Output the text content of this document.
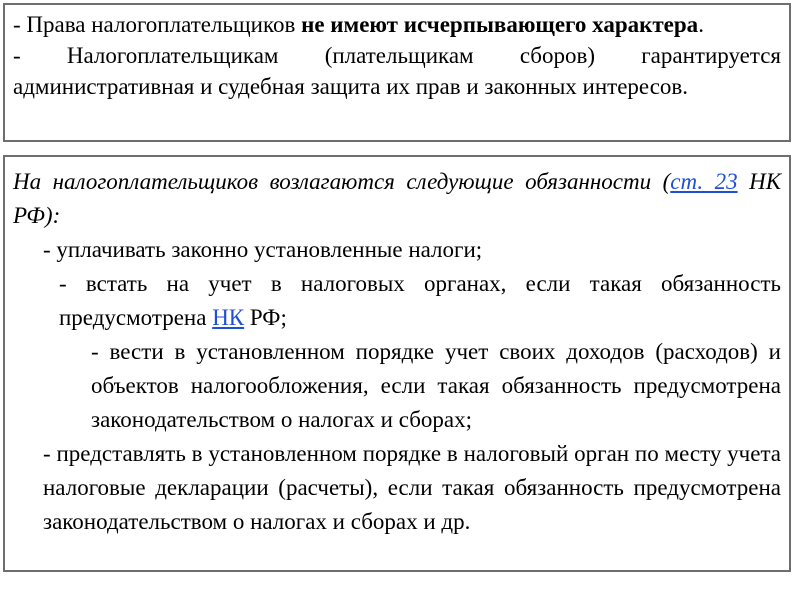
- Права налогоплательщиков не имеют исчерпывающего характера.

- Налогоплательщикам (плательщикам сборов) гарантируется административная и судебная защита их прав и законных интересов.

На налогоплательщиков возлагаются следующие обязанности (ст. 23 НК РФ):

- уплачивать законно установленные налоги;

- встать на учет в налоговых органах, если такая обязанность предусмотрена НК РФ;

- вести в установленном порядке учет своих доходов (расходов) и объектов налогообложения, если такая обязанность предусмотрена законодательством о налогах и сборах;

- представлять в установленном порядке в налоговый орган по месту учета налоговые декларации (расчеты), если такая обязанность предусмотрена законодательством о налогах и сборах и др.
